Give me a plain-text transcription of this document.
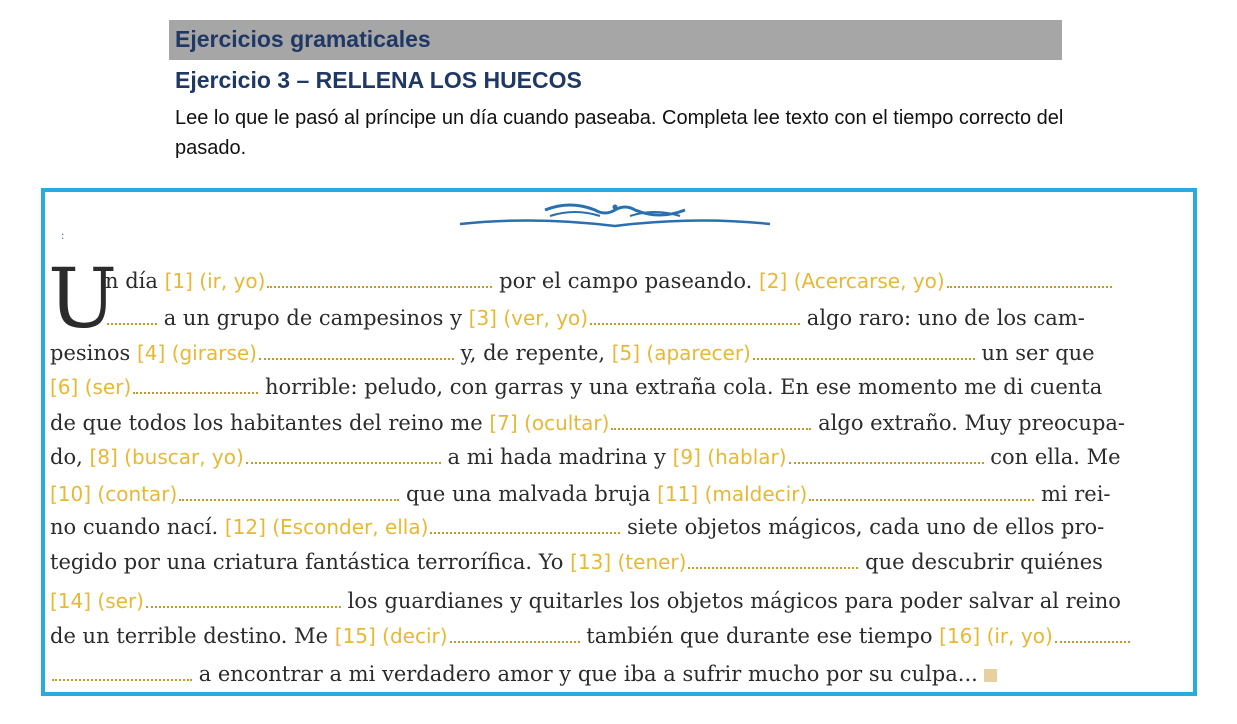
Ejercicios gramaticales
Ejercicio 3 – RELLENA LOS HUECOS
Lee lo que le pasó al príncipe un día cuando paseaba. Completa lee texto con el tiempo correcto del pasado.
:
U
n día [1] (ir, yo)	por el campo paseando. [2] (Acercarse, yo)
a un grupo de campesinos y [3] (ver, yo)	algo raro: uno de los cam-
pesinos [4] (girarse)	y, de repente, [5] (aparecer)	un ser que
[6] (ser)	horrible: peludo, con garras y una extraña cola. En ese momento me di cuenta
de que todos los habitantes del reino me [7] (ocultar)	algo extraño. Muy preocupa-
do, [8] (buscar, yo)	a mi hada madrina y [9] (hablar)	con ella. Me
[10] (contar)	que una malvada bruja [11] (maldecir)	mi rei-
no cuando nací. [12] (Esconder, ella)	siete objetos mágicos, cada uno de ellos pro-
tegido por una criatura fantástica terrorífica. Yo [13] (tener)	que descubrir quiénes
[14] (ser)	los guardianes y quitarles los objetos mágicos para poder salvar al reino
de un terrible destino. Me [15] (decir)	también que durante ese tiempo [16] (ir, yo)
a encontrar a mi verdadero amor y que iba a sufrir mucho por su culpa...
